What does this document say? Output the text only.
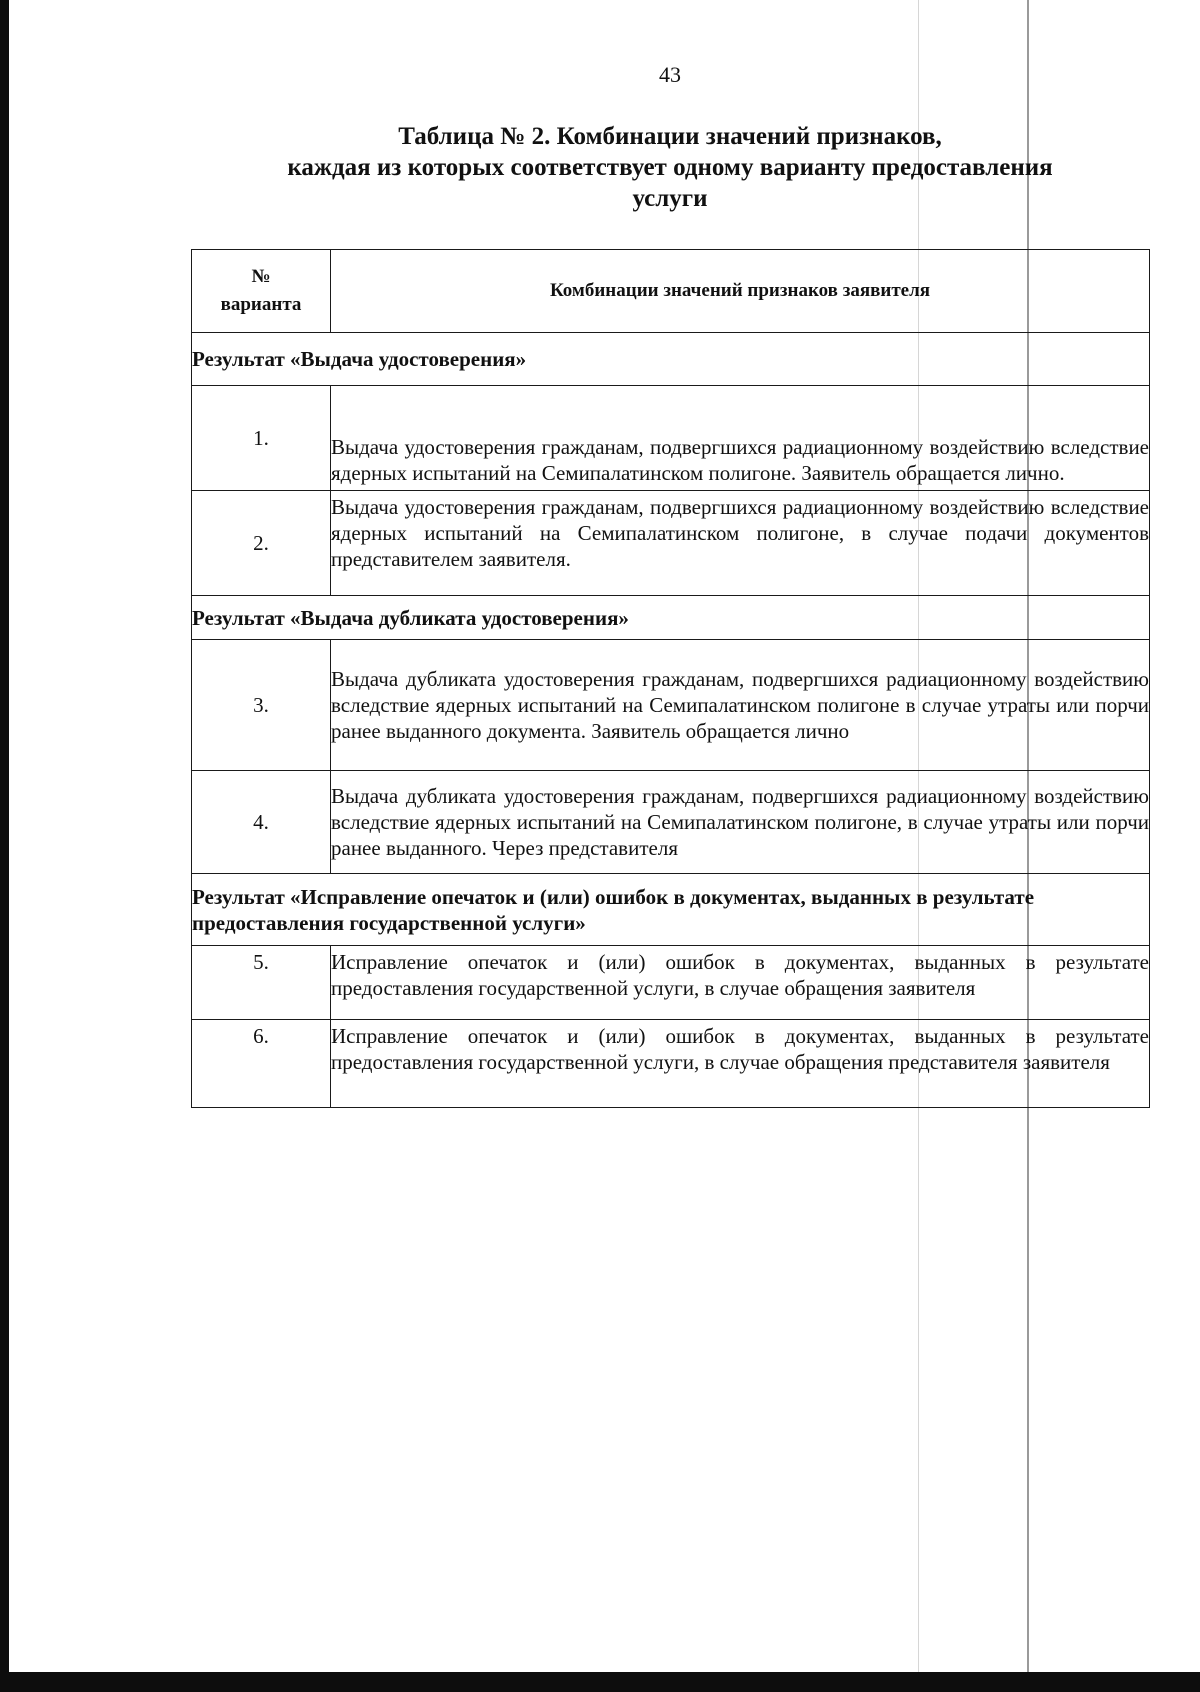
43
Таблица № 2. Комбинации значений признаков,
каждая из которых соответствует одному варианту предоставления
услуги
№
варианта	Комбинации значений признаков заявителя
Результат «Выдача удостоверения»	
1.	Выдача удостоверения гражданам, подвергшихся радиационному воздействию вследствие ядерных испытаний на Семипалатинском полигоне. Заявитель обращается лично.
2.	Выдача удостоверения гражданам, подвергшихся радиационному воздействию вследствие ядерных испытаний на Семипалатинском полигоне, в случае подачи документов представителем заявителя.
Результат «Выдача дубликата удостоверения»	
3.	Выдача дубликата удостоверения гражданам, подвергшихся радиационному воздействию вследствие ядерных испытаний на Семипалатинском полигоне в случае утраты или порчи ранее выданного документа. Заявитель обращается лично
4.	Выдача дубликата удостоверения гражданам, подвергшихся радиационному воздействию вследствие ядерных испытаний на Семипалатинском полигоне, в случае утраты или порчи ранее выданного. Через представителя
Результат «Исправление опечаток и (или) ошибок в документах, выданных в результате предоставления государственной услуги»	
5.	Исправление опечаток и (или) ошибок в документах, выданных в результате предоставления государственной услуги, в случае обращения заявителя
6.	Исправление опечаток и (или) ошибок в документах, выданных в результате предоставления государственной услуги, в случае обращения представителя заявителя
